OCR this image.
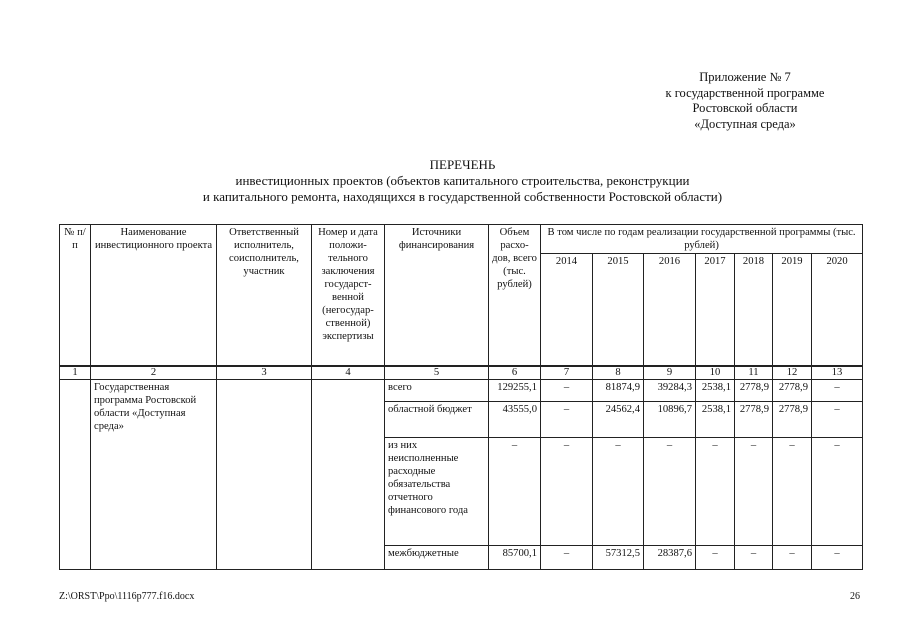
Приложение № 7
к государственной программе
Ростовской области
«Доступная среда»
ПЕРЕЧЕНЬ
инвестиционных проектов (объектов капитального строительства, реконструкции
и капитального ремонта, находящихся в государственной собственности Ростовской области)
№ п/п	Наименование инвестиционного проекта	Ответственный исполнитель, соисполнитель, участник	Номер и дата положи-тельного заключения государст-венной (негосудар-ственной) экспертизы	Источники финансирования	Объем расхо-дов, всего (тыс. рублей)	В том числе по годам реализации государственной программы (тыс. рублей)						
						2014	2015	2016	2017	2018	2019	2020
1	2	3	4	5	6	7	8	9	10	11	12	13
	Государственная программа Ростовской области «Доступная среда»			всего	129255,1	–	81874,9	39284,3	2538,1	2778,9	2778,9	–
				областной бюджет	43555,0	–	24562,4	10896,7	2538,1	2778,9	2778,9	–
				из них неисполненные расходные обязательства отчетного финансового года	–	–	–	–	–	–	–	–
				межбюджетные	85700,1	–	57312,5	28387,6	–	–	–	–
Z:\ORST\Ppo\1116p777.f16.docx	26
